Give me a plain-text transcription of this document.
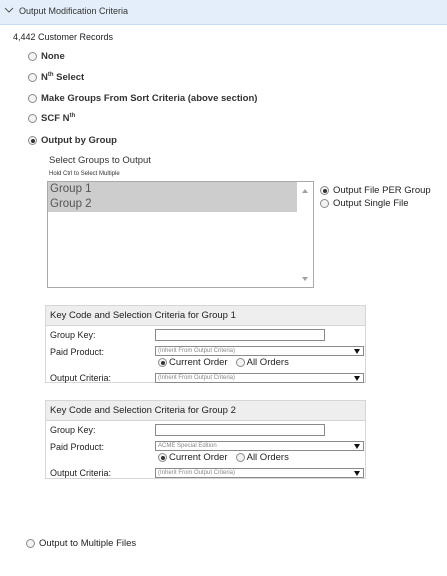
Output Modification Criteria
4,442 Customer Records
None
$N^{th}$ Select
Make Groups From Sort Criteria (above section)
SCF $N^{th}$
Output by Group
Select Groups to Output
Hold Ctrl to Select Multiple
Group 1
Group 2
Output File PER Group
Output Single File
Key Code and Selection Criteria for Group 1
Group Key:
Paid Product:	(Inherit From Output Criteria)
Current Order All Orders
Output Criteria:	(Inherit From Output Criteria)
Key Code and Selection Criteria for Group 2
Group Key:
Paid Product:	ACME Special Edition
Current Order All Orders
Output Criteria:	(Inherit From Output Criteria)
Output to Multiple Files
